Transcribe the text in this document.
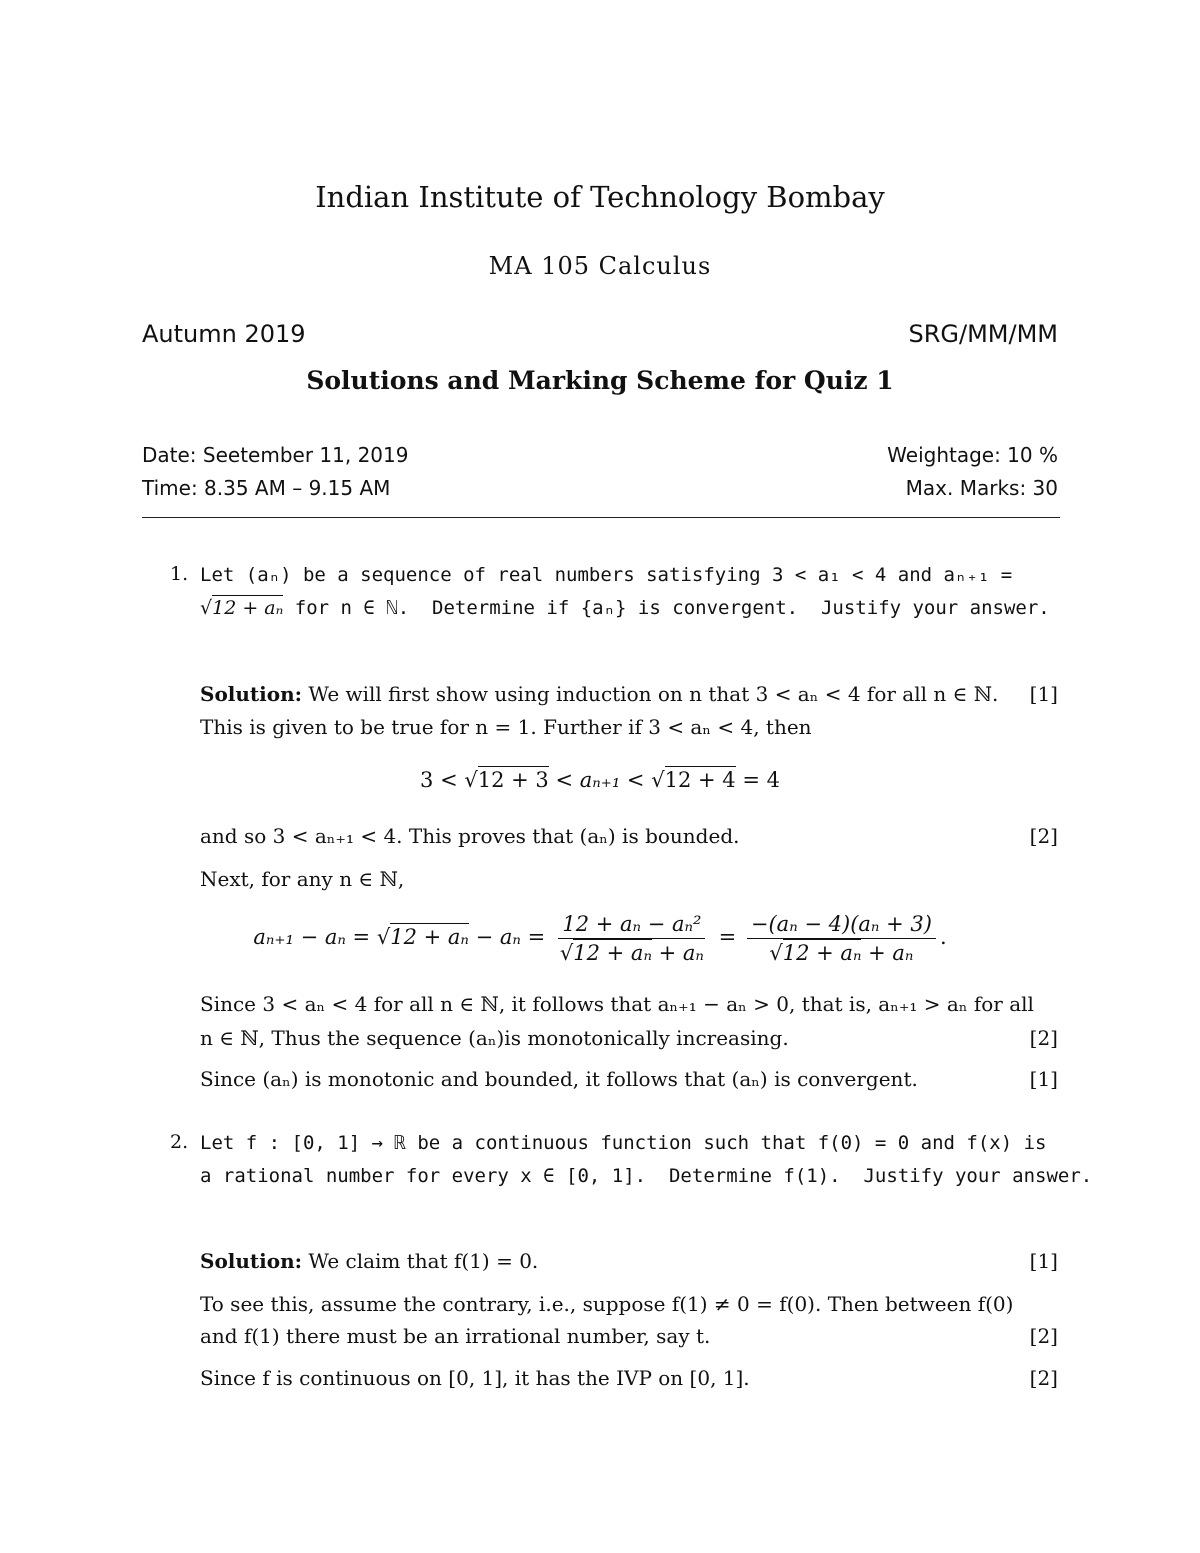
Indian Institute of Technology Bombay
MA 105 Calculus
Autumn 2019	SRG/MM/MM
Solutions and Marking Scheme for Quiz 1
Date: Seetember 11, 2019
Time: 8.35 AM – 9.15 AM
Weightage: 10 %
Max. Marks: 30
1. Let (aₙ) be a sequence of real numbers satisfying 3 < a₁ < 4 and aₙ₊₁ =
√12 + aₙ for n ∈ ℕ.  Determine if {aₙ} is convergent.  Justify your answer.
Solution: We will first show using induction on n that 3 < aₙ < 4 for all n ∈ ℕ. [1]
This is given to be true for n = 1. Further if 3 < aₙ < 4, then
3 < √12 + 3 < aₙ₊₁ < √12 + 4 = 4
and so 3 < aₙ₊₁ < 4. This proves that (aₙ) is bounded.	[2]
Next, for any n ∈ ℕ,
$a_{n+1} - a_n = √12 + a_n - a_n = \frac{\text{12 + aₙ − aₙ²}}{\text{√12 + aₙ + aₙ}} = \frac{\text{−(aₙ − 4)(aₙ + 3)}}{\text{√12 + aₙ + aₙ}}$ .
Since 3 < aₙ < 4 for all n ∈ ℕ, it follows that aₙ₊₁ − aₙ > 0, that is, aₙ₊₁ > aₙ for all
n ∈ ℕ, Thus the sequence (aₙ)is monotonically increasing.	[2]
Since (aₙ) is monotonic and bounded, it follows that (aₙ) is convergent.	[1]
2. Let f : [0, 1] → ℝ be a continuous function such that f(0) = 0 and f(x) is
a rational number for every x ∈ [0, 1].  Determine f(1).  Justify your answer.
Solution: We claim that f(1) = 0.	[1]
To see this, assume the contrary, i.e., suppose f(1) ≠ 0 = f(0). Then between f(0)
and f(1) there must be an irrational number, say t.	[2]
Since f is continuous on [0, 1], it has the IVP on [0, 1].	[2]
